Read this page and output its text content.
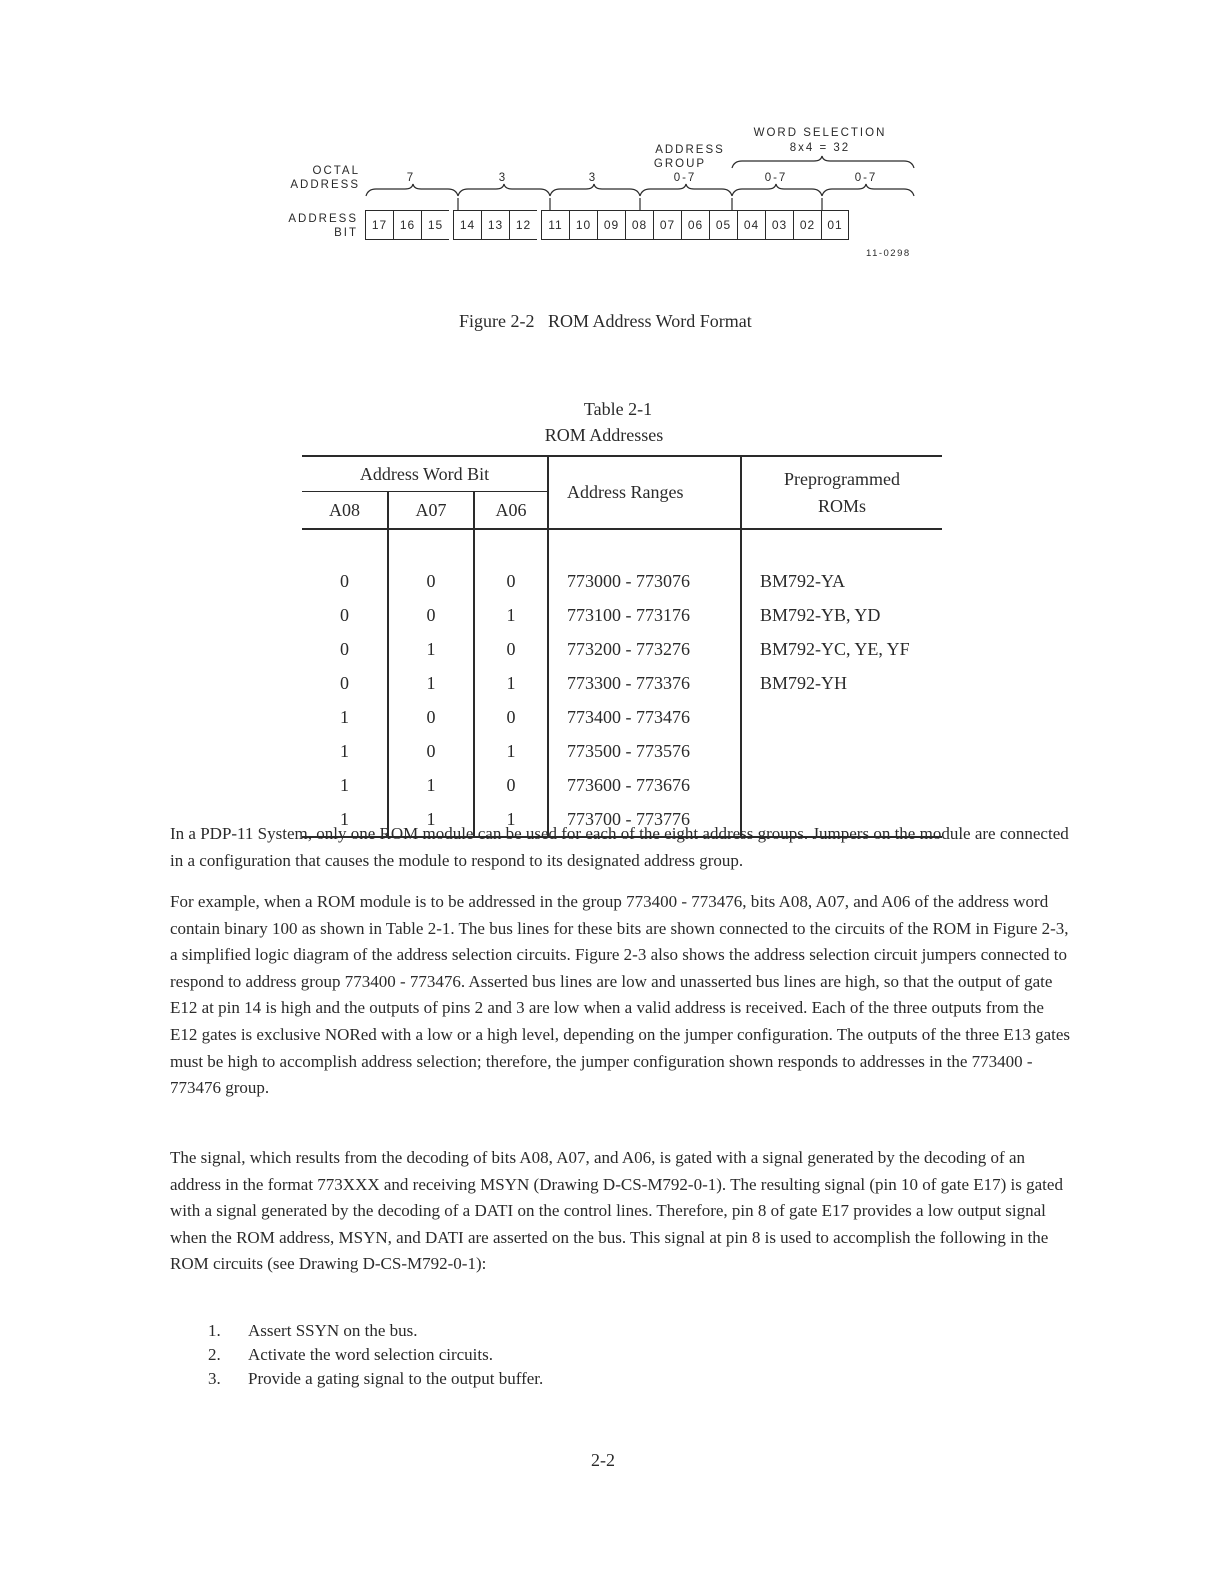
WORD SELECTION
8x4 = 32
ADDRESS
GROUP
0-7
OCTAL
ADDRESS
7	3	3	0-7	0-7
ADDRESS
BIT
17	16	15	14	13	12	11	10	09	08	07	06	05	04	03	02	01
11-0298
Figure 2-2   ROM Address Word Format
Table 2-1
ROM Addresses
Address Word Bit			Address Ranges	Preprogrammed
ROMs

A08	A07	A06		

0	0	0	773000 - 773076	BM792-YA
0	0	1	773100 - 773176	BM792-YB, YD
0	1	0	773200 - 773276	BM792-YC, YE, YF
0	1	1	773300 - 773376	BM792-YH
1	0	0	773400 - 773476	
1	0	1	773500 - 773576	
1	1	0	773600 - 773676	
1	1	1	773700 - 773776	
In a PDP-11 System, only one ROM module can be used for each of the eight address groups. Jumpers on the module are connected in a configuration that causes the module to respond to its designated address group.
For example, when a ROM module is to be addressed in the group 773400 - 773476, bits A08, A07, and A06 of the address word contain binary 100 as shown in Table 2-1. The bus lines for these bits are shown connected to the circuits of the ROM in Figure 2-3, a simplified logic diagram of the address selection circuits. Figure 2-3 also shows the address selection circuit jumpers connected to respond to address group 773400 - 773476. Asserted bus lines are low and unasserted bus lines are high, so that the output of gate E12 at pin 14 is high and the outputs of pins 2 and 3 are low when a valid address is received. Each of the three outputs from the E12 gates is exclusive NORed with a low or a high level, depending on the jumper configuration. The outputs of the three E13 gates must be high to accomplish address selection; therefore, the jumper configuration shown responds to addresses in the 773400 - 773476 group.
The signal, which results from the decoding of bits A08, A07, and A06, is gated with a signal generated by the decoding of an address in the format 773XXX and receiving MSYN (Drawing D-CS-M792-0-1). The resulting signal (pin 10 of gate E17) is gated with a signal generated by the decoding of a DATI on the control lines. Therefore, pin 8 of gate E17 provides a low output signal when the ROM address, MSYN, and DATI are asserted on the bus. This signal at pin 8 is used to accomplish the following in the ROM circuits (see Drawing D-CS-M792-0-1):
1. Assert SSYN on the bus.
2. Activate the word selection circuits.
3. Provide a gating signal to the output buffer.
2-2
